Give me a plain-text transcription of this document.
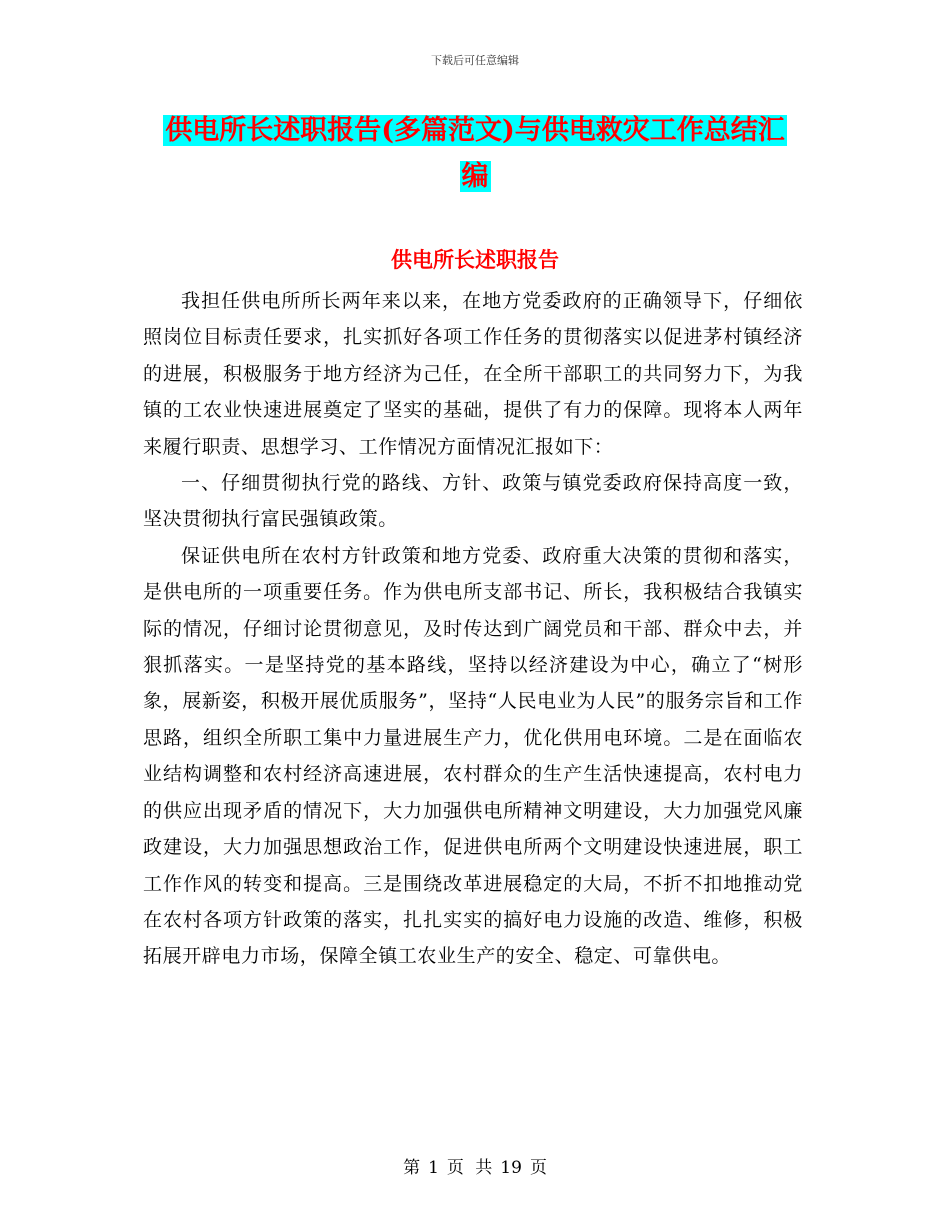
下载后可任意编辑
供电所长述职报告(多篇范文)与供电救灾工作总结汇
编
供电所长述职报告

我担任供电所所长两年来以来，在地方党委政府的正确领导下，仔细依照岗位目标责任要求，扎实抓好各项工作任务的贯彻落实以促进茅村镇经济的进展，积极服务于地方经济为己任，在全所干部职工的共同努力下，为我镇的工农业快速进展奠定了坚实的基础，提供了有力的保障。现将本人两年来履行职责、思想学习、工作情况方面情况汇报如下：

一、仔细贯彻执行党的路线、方针、政策与镇党委政府保持高度一致，坚决贯彻执行富民强镇政策。

保证供电所在农村方针政策和地方党委、政府重大决策的贯彻和落实，是供电所的一项重要任务。作为供电所支部书记、所长，我积极结合我镇实际的情况，仔细讨论贯彻意见，及时传达到广阔党员和干部、群众中去，并狠抓落实。一是坚持党的基本路线，坚持以经济建设为中心，确立了“树形象，展新姿，积极开展优质服务”，坚持“人民电业为人民”的服务宗旨和工作思路，组织全所职工集中力量进展生产力，优化供用电环境。二是在面临农业结构调整和农村经济高速进展，农村群众的生产生活快速提高，农村电力的供应出现矛盾的情况下，大力加强供电所精神文明建设，大力加强党风廉政建设，大力加强思想政治工作，促进供电所两个文明建设快速进展，职工工作作风的转变和提高。三是围绕改革进展稳定的大局，不折不扣地推动党在农村各项方针政策的落实，扎扎实实的搞好电力设施的改造、维修，积极拓展开辟电力市场，保障全镇工农业生产的安全、稳定、可靠供电。

第 1 页 共 19 页
